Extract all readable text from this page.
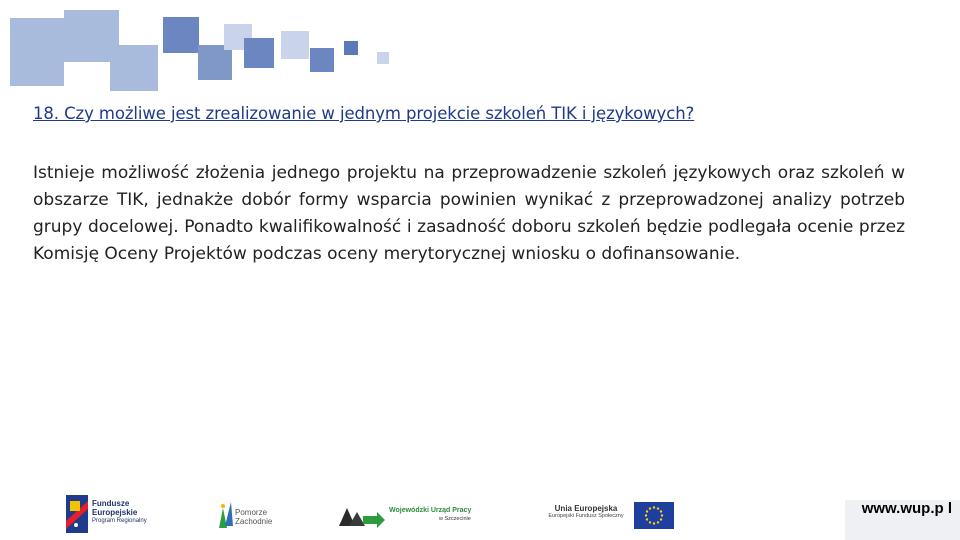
18. Czy możliwe jest zrealizowanie w jednym projekcie szkoleń TIK i językowych?
Istnieje możliwość złożenia jednego projektu na przeprowadzenie szkoleń językowych oraz szkoleń w obszarze TIK, jednakże dobór formy wsparcia powinien wynikać z przeprowadzonej analizy potrzeb grupy docelowej. Ponadto kwalifikowalność i zasadność doboru szkoleń będzie podlegała ocenie przez Komisję Oceny Projektów podczas oceny merytorycznej wniosku o dofinansowanie.
Fundusze
Europejskie
Program Regionalny
Pomorze
Zachodnie
Wojewódzki Urząd Pracy
w Szczecinie
Unia Europejska
Europejski Fundusz Społeczny	www.wup.p l
